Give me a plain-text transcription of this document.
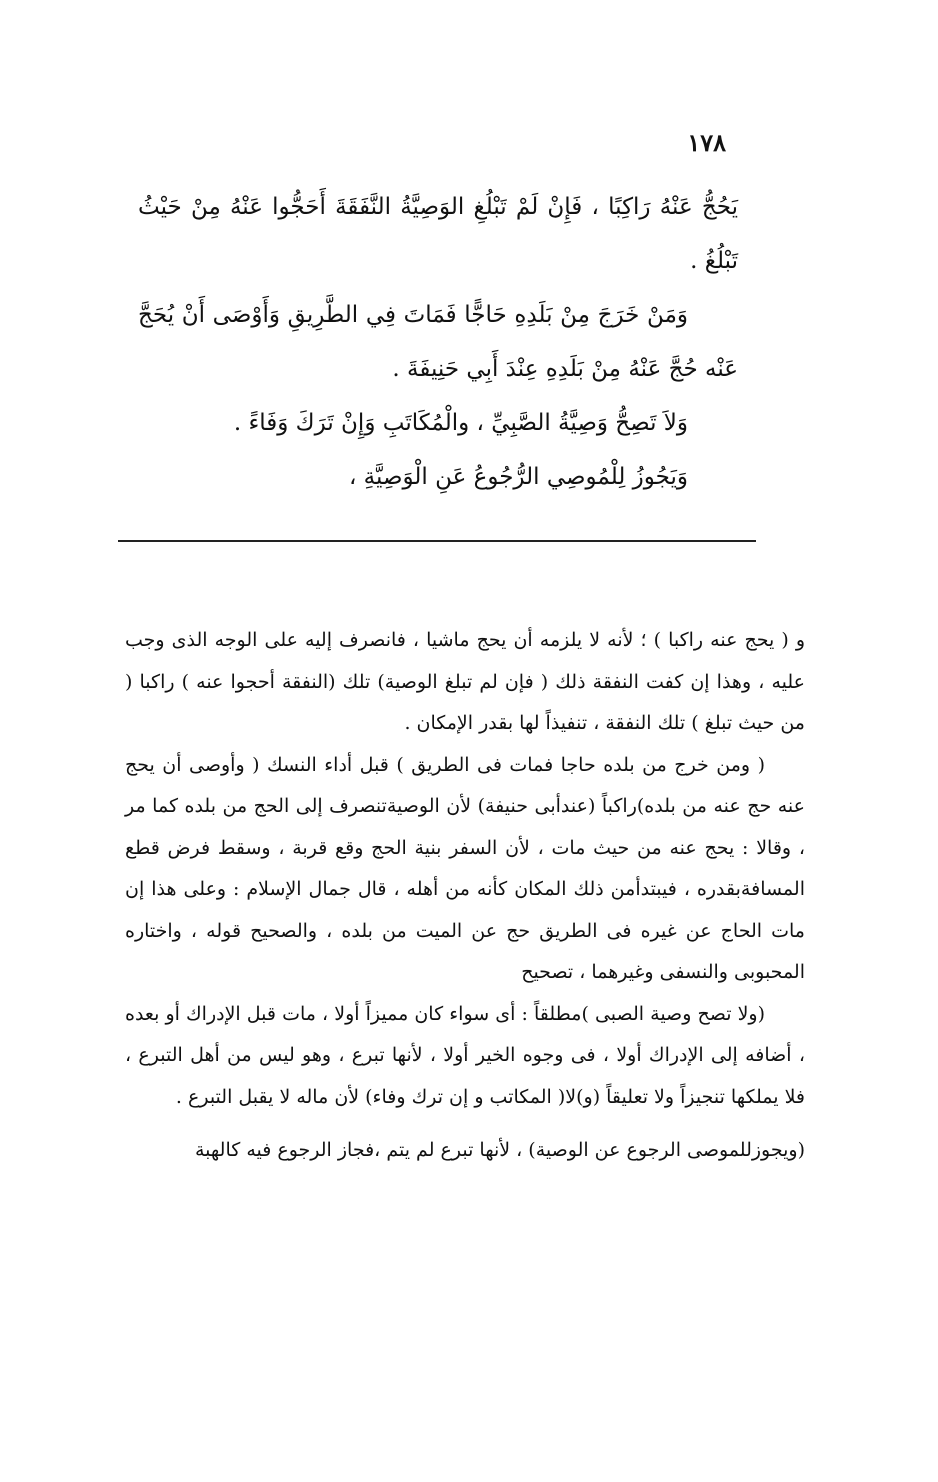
١٧٨

يَحُجُّ عَنْهُ رَاكِبًا ، فَإِنْ لَمْ تَبْلُغِ الوَصِيَّةُ النَّفَقَةَ أَحَجُّوا عَنْهُ مِنْ حَيْثُ تَبْلُغُ .

وَمَنْ خَرَجَ مِنْ بَلَدِهِ حَاجًّا فَمَاتَ فِي الطَّرِيقِ وَأَوْصَى أَنْ يُحَجَّ عَنْه حُجَّ عَنْهُ مِنْ بَلَدِهِ عِنْدَ أَبِي حَنِيفَةَ .

وَلاَ تَصِحُّ وَصِيَّةُ الصَّبِيِّ ، والْمُكَاتَبِ وَإِنْ تَرَكَ وَفَاءً .

وَيَجُوزُ لِلْمُوصِي الرُّجُوعُ عَنِ الْوَصِيَّةِ ،

و ( يحج عنه راكبا ) ؛ لأنه لا يلزمه أن يحج ماشيا ، فانصرف إليه على الوجه الذى وجب عليه ، وهذا إن كفت النفقة ذلك ( فإن لم تبلغ الوصية) تلك (النفقة أحجوا عنه ) راكبا ( من حيث تبلغ ) تلك النفقة ، تنفيذاً لها بقدر الإمكان .

( ومن خرج من بلده حاجا فمات فى الطريق ) قبل أداء النسك ( وأوصى أن يحج عنه حج عنه من بلده)راكباً (عندأبى حنيفة) لأن الوصيةتنصرف إلى الحج من بلده كما مر ، وقالا : يحج عنه من حيث مات ، لأن السفر بنية الحج وقع قربة ، وسقط فرض قطع المسافةبقدره ، فيبتدأمن ذلك المكان كأنه من أهله ، قال جمال الإسلام : وعلى هذا إن مات الحاج عن غيره فى الطريق حج عن الميت من بلده ، والصحيح قوله ، واختاره المحبوبى والنسفى وغيرهما ، تصحيح

(ولا تصح وصية الصبى )مطلقاً : أى سواء كان مميزاً أولا ، مات قبل الإدراك أو بعده ، أضافه إلى الإدراك أولا ، فى وجوه الخير أولا ، لأنها تبرع ، وهو ليس من أهل التبرع ، فلا يملكها تنجيزاً ولا تعليقاً (و)لا( المكاتب و إن ترك وفاء) لأن ماله لا يقبل التبرع .

(ويجوزللموصى الرجوع عن الوصية) ، لأنها تبرع لم يتم ،فجاز الرجوع فيه كالهبة
